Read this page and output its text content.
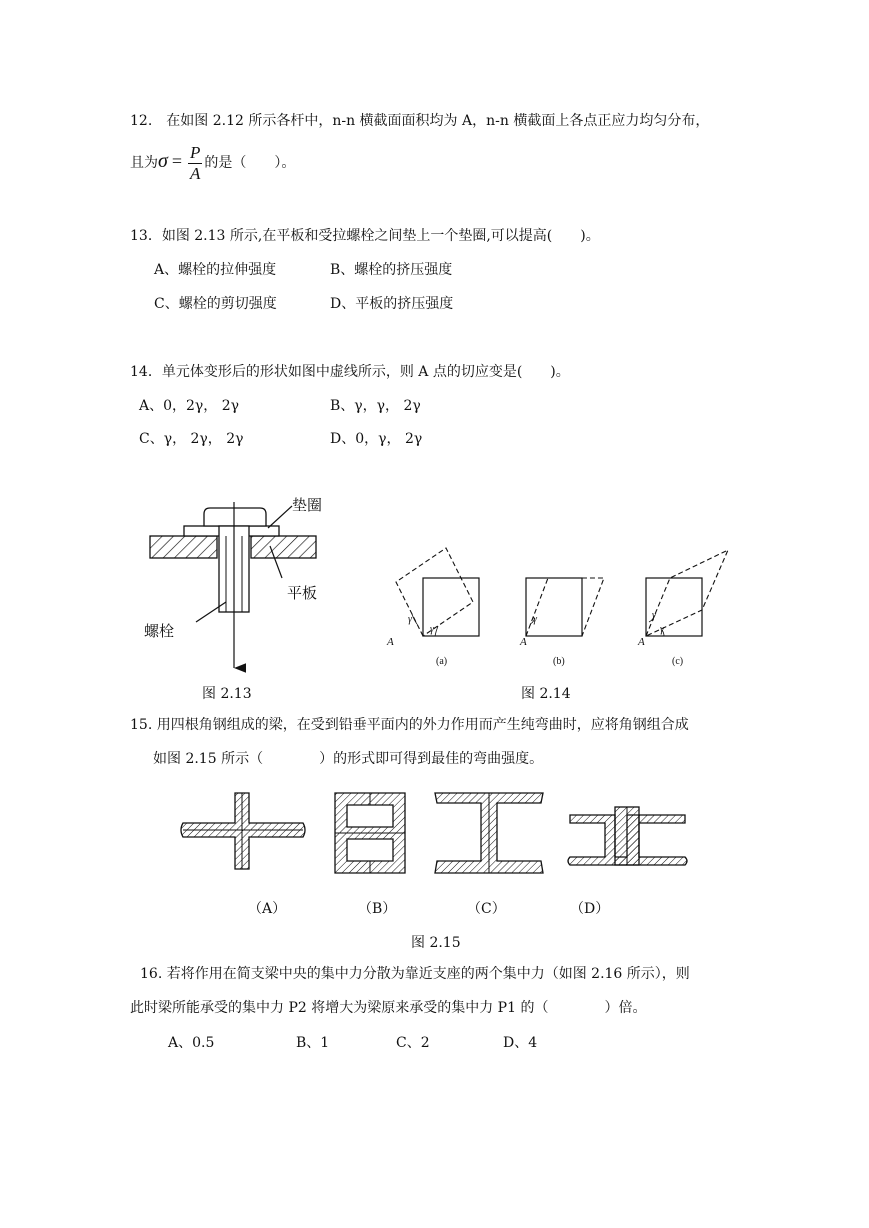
12.　在如图 2.12 所示各杆中，n-n 横截面面积均为 A，n-n 横截面上各点正应力均匀分布，
且为$\sigma = \frac{P}{A}$ 的是（　　）。
13．如图 2.13 所示,在平板和受拉螺栓之间垫上一个垫圈,可以提高(　　)。
A、螺栓的拉伸强度	B、螺栓的挤压强度
C、螺栓的剪切强度	D、平板的挤压强度
14．单元体变形后的形状如图中虚线所示，则 A 点的切应变是(　　)。
A、0，2γ， 2γ	B、γ，γ， 2γ
C、γ， 2γ， 2γ	D、0，γ， 2γ
垫圈
平板
螺栓
图 2.13
A
γ
γ
(a)
A
γ
(b)
A
γ
γ
(c)
图 2.14
15. 用四根角钢组成的梁，在受到铅垂平面内的外力作用而产生纯弯曲时，应将角钢组合成
如图 2.15 所示（　　　　）的形式即可得到最佳的弯曲强度。
（A）	（B）	（C）	（D）
图 2.15
16. 若将作用在简支梁中央的集中力分散为靠近支座的两个集中力（如图 2.16 所示），则
此时梁所能承受的集中力 P2 将增大为梁原来承受的集中力 P1 的（　　　　）倍。
A、0.5	B、1	C、2	D、4
